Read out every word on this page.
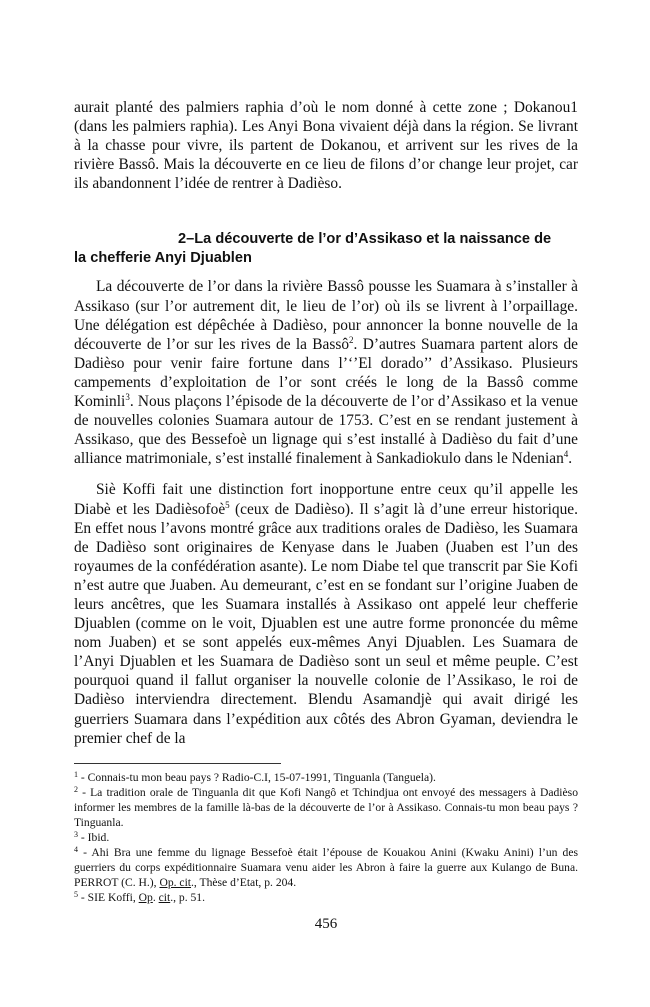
aurait planté des palmiers raphia d’où le nom donné à cette zone ; Dokanou1 (dans les palmiers raphia). Les Anyi Bona vivaient déjà dans la région. Se livrant à la chasse pour vivre, ils partent de Dokanou, et arrivent sur les rives de la rivière Bassô. Mais la découverte en ce lieu de filons d’or change leur projet, car ils abandonnent l’idée de rentrer à Dadièso.

2–La découverte de l’or d’Assikaso et la naissance de
la chefferie Anyi Djuablen

La découverte de l’or dans la rivière Bassô pousse les Suamara à s’installer à Assikaso (sur l’or autrement dit, le lieu de l’or) où ils se livrent à l’orpaillage. Une délégation est dépêchée à Dadièso, pour annoncer la bonne nouvelle de la découverte de l’or sur les rives de la Bassô$^2$. D’autres Suamara partent alors de Dadièso pour venir faire fortune dans l’‘’El dorado’’ d’Assikaso. Plusieurs campements d’exploitation de l’or sont créés le long de la Bassô comme Kominli$^3$. Nous plaçons l’épisode de la découverte de l’or d’Assikaso et la venue de nouvelles colonies Suamara autour de 1753. C’est en se rendant justement à Assikaso, que des Bessefoè un lignage qui s’est installé à Dadièso du fait d’une alliance matrimoniale, s’est installé finalement à Sankadiokulo dans le Ndenian$^4$.

Siè Koffi fait une distinction fort inopportune entre ceux qu’il appelle les Diabè et les Dadièsofoè$^5$ (ceux de Dadièso). Il s’agit là d’une erreur historique. En effet nous l’avons montré grâce aux traditions orales de Dadièso, les Suamara de Dadièso sont originaires de Kenyase dans le Juaben (Juaben est l’un des royaumes de la confédération asante). Le nom Diabe tel que transcrit par Sie Kofi n’est autre que Juaben. Au demeurant, c’est en se fondant sur l’origine Juaben de leurs ancêtres, que les Suamara installés à Assikaso ont appelé leur chefferie Djuablen (comme on le voit, Djuablen est une autre forme prononcée du même nom Juaben) et se sont appelés eux-mêmes Anyi Djuablen. Les Suamara de l’Anyi Djuablen et les Suamara de Dadièso sont un seul et même peuple. C’est pourquoi quand il fallut organiser la nouvelle colonie de l’Assikaso, le roi de Dadièso interviendra directement. Blendu Asamandjè qui avait dirigé les guerriers Suamara dans l’expédition aux côtés des Abron Gyaman, deviendra le premier chef de la

$^1$ - Connais-tu mon beau pays ? Radio-C.I, 15-07-1991, Tinguanla (Tanguela).

$^2$ - La tradition orale de Tinguanla dit que Kofi Nangô et Tchindjua ont envoyé des messagers à Dadièso informer les membres de la famille là-bas de la découverte de l’or à Assikaso. Connais-tu mon beau pays ? Tinguanla.

$^3$ - Ibid.

$^4$ - Ahi Bra une femme du lignage Bessefoè était l’épouse de Kouakou Anini (Kwaku Anini) l’un des guerriers du corps expéditionnaire Suamara venu aider les Abron à faire la guerre aux Kulango de Buna. PERROT (C. H.), Op. cit., Thèse d’Etat, p. 204.

$^5$ - SIE Koffi, Op. cit., p. 51.

456
